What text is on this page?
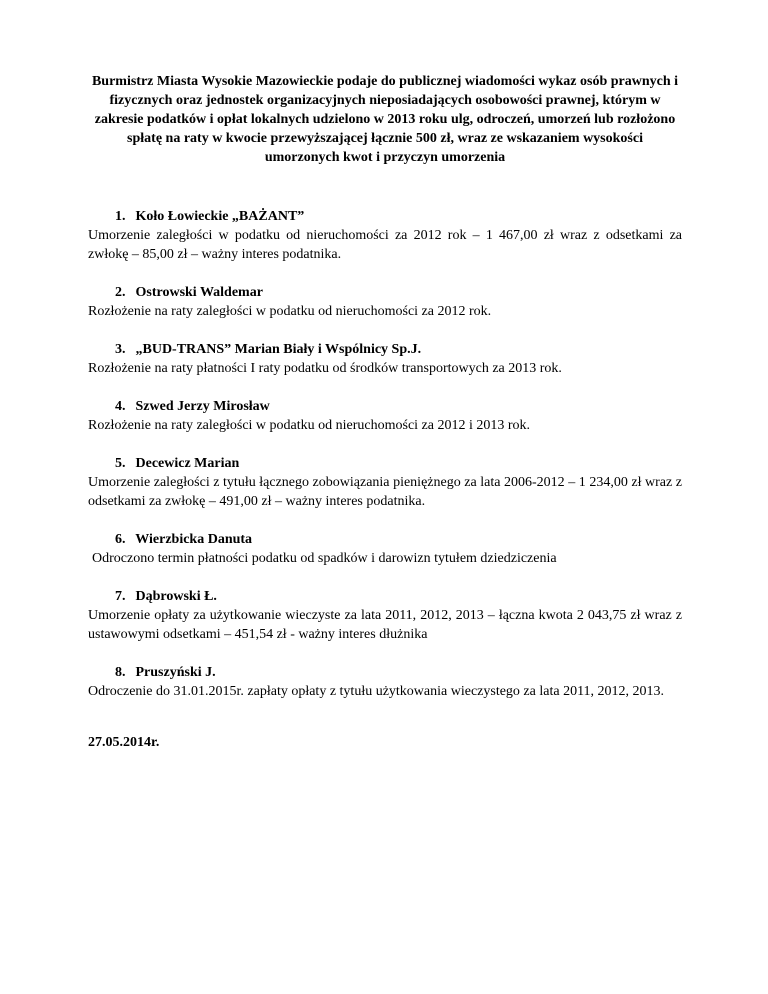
Burmistrz Miasta Wysokie Mazowieckie podaje do publicznej wiadomości wykaz osób prawnych i fizycznych oraz jednostek organizacyjnych nieposiadających osobowości prawnej, którym w zakresie podatków i opłat lokalnych udzielono w 2013 roku ulg, odroczeń, umorzeń lub rozłożono spłatę na raty w kwocie przewyższającej łącznie 500 zł, wraz ze wskazaniem wysokości umorzonych kwot i przyczyn umorzenia
1. Koło Łowieckie „BAŻANT”
Umorzenie zaległości w podatku od nieruchomości za 2012 rok – 1 467,00 zł wraz z odsetkami za zwłokę – 85,00 zł – ważny interes podatnika.
2. Ostrowski Waldemar
Rozłożenie na raty zaległości w podatku od nieruchomości za 2012 rok.
3. „BUD-TRANS” Marian Biały i Wspólnicy Sp.J.
Rozłożenie na raty płatności I raty podatku od środków transportowych za 2013 rok.
4. Szwed Jerzy Mirosław
Rozłożenie na raty zaległości w podatku od nieruchomości za 2012 i 2013 rok.
5. Decewicz Marian
Umorzenie zaległości z tytułu łącznego zobowiązania pieniężnego za lata 2006-2012 – 1 234,00 zł wraz z odsetkami za zwłokę – 491,00 zł – ważny interes podatnika.
6. Wierzbicka Danuta
Odroczono termin płatności podatku od spadków i darowizn tytułem dziedziczenia
7. Dąbrowski Ł.
Umorzenie opłaty za użytkowanie wieczyste za lata 2011, 2012, 2013 – łączna kwota 2 043,75 zł wraz z ustawowymi odsetkami – 451,54 zł - ważny interes dłużnika
8. Pruszyński J.
Odroczenie do 31.01.2015r. zapłaty opłaty z tytułu użytkowania wieczystego za lata 2011, 2012, 2013.
27.05.2014r.
